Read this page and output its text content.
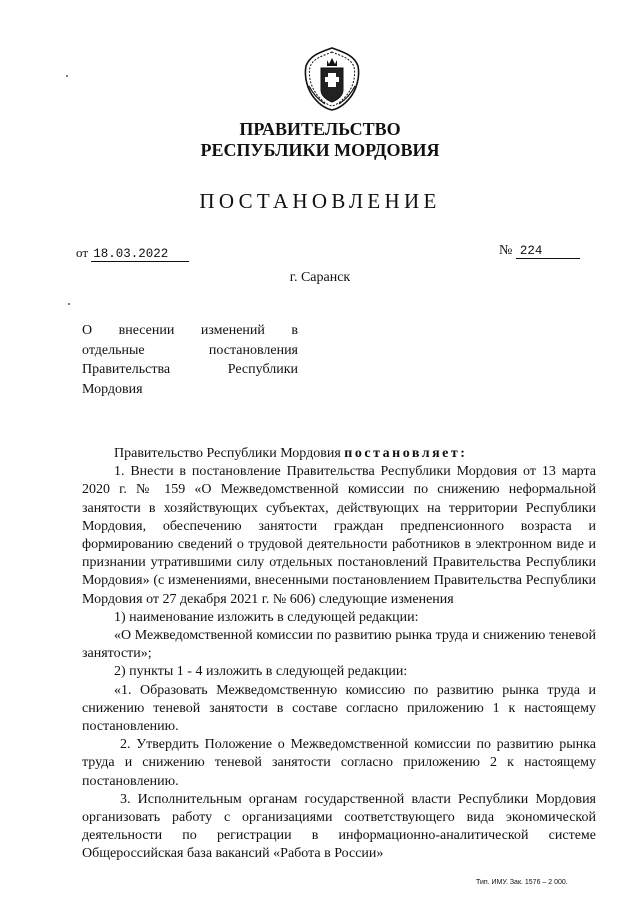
ПРАВИТЕЛЬСТВО
РЕСПУБЛИКИ МОРДОВИЯ
ПОСТАНОВЛЕНИЕ
от 18.03.2022	№ 224
г. Саранск
О внесении изменений в
отдельные постановления
Правительства Республики
Мордовия

Правительство Республики Мордовия постановляет:

1. Внести в постановление Правительства Республики Мордовия от 13 марта 2020 г. № 159 «О Межведомственной комиссии по снижению неформальной занятости в хозяйствующих субъектах, действующих на территории Республики Мордовия, обеспечению занятости граждан предпенсионного возраста и формированию сведений о трудовой деятельности работников в электронном виде и признании утратившими силу отдельных постановлений Правительства Республики Мордовия» (с изменениями, внесенными постановлением Правительства Республики Мордовия от 27 декабря 2021 г. № 606) следующие изменения

1) наименование изложить в следующей редакции:

«О Межведомственной комиссии по развитию рынка труда и снижению теневой занятости»;

2) пункты 1 - 4 изложить в следующей редакции:

«1. Образовать Межведомственную комиссию по развитию рынка труда и снижению теневой занятости в составе согласно приложению 1 к настоящему постановлению.

2. Утвердить Положение о Межведомственной комиссии по развитию рынка труда и снижению теневой занятости согласно приложению 2 к настоящему постановлению.

3. Исполнительным органам государственной власти Республики Мордовия организовать работу с организациями соответствующего вида экономической деятельности по регистрации в информационно-аналитической системе Общероссийская база вакансий «Работа в России»

Тип. ИМУ. Зак. 1576 – 2 000.
